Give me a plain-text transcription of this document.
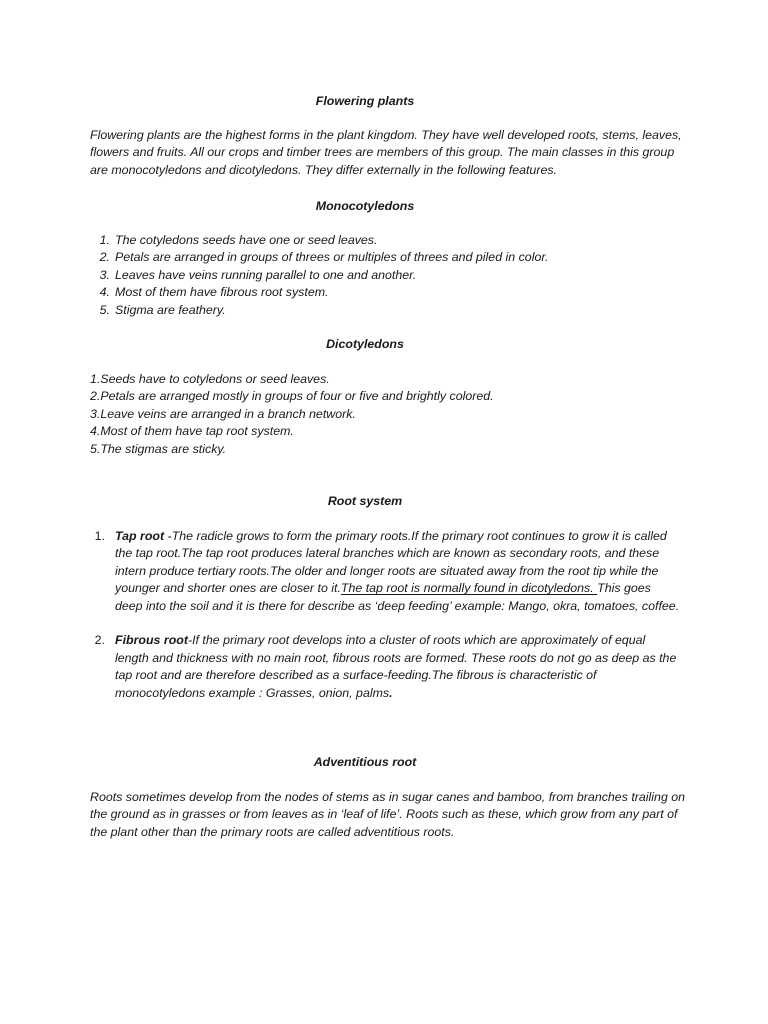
Flowering plants

Flowering plants are the highest forms in the plant kingdom. They have well developed roots, stems, leaves, flowers and fruits. All our crops and timber trees are members of this group. The main classes in this group are monocotyledons and dicotyledons. They differ externally in the following features.

Monocotyledons
1. The cotyledons seeds have one or seed leaves.
2. Petals are arranged in groups of threes or multiples of threes and piled in color.
3. Leaves have veins running parallel to one and another.
4. Most of them have fibrous root system.
5. Stigma are feathery.
Dicotyledons
1.Seeds have to cotyledons or seed leaves.
2.Petals are arranged mostly in groups of four or five and brightly colored.
3.Leave veins are arranged in a branch network.
4.Most of them have tap root system.
5.The stigmas are sticky.
Root system
1. Tap root -The radicle grows to form the primary roots.If the primary root continues to grow it is called the tap root.The tap root produces lateral branches which are known as secondary roots, and these intern produce tertiary roots.The older and longer roots are situated away from the root tip while the younger and shorter ones are closer to it.The tap root is normally found in dicotyledons. This goes deep into the soil and it is there for describe as ‘deep feeding’ example: Mango, okra, tomatoes, coffee.
2. Fibrous root-If the primary root develops into a cluster of roots which are approximately of equal length and thickness with no main root, fibrous roots are formed. These roots do not go as deep as the tap root and are therefore described as a surface-feeding.The fibrous is characteristic of monocotyledons example : Grasses, onion, palms.
Adventitious root

Roots sometimes develop from the nodes of stems as in sugar canes and bamboo, from branches trailing on the ground as in grasses or from leaves as in ‘leaf of life’. Roots such as these, which grow from any part of the plant other than the primary roots are called adventitious roots.
